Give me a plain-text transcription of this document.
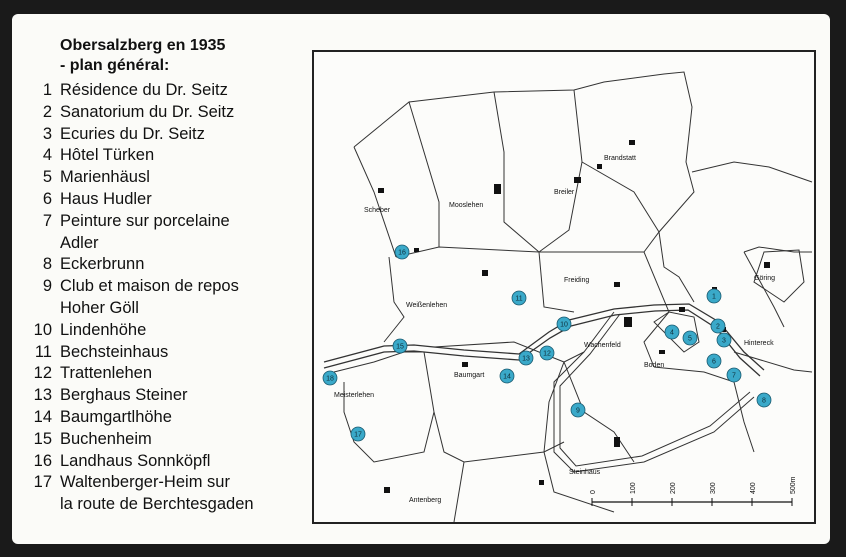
Obersalzberg en 1935
- plan général:
1 Résidence du Dr. Seitz
2 Sanatorium du Dr. Seitz
3 Ecuries du Dr. Seitz
4 Hôtel Türken
5 Marienhäusl
6 Haus Hudler
7 Peinture sur porcelaine
Adler
8 Eckerbrunn
9 Club et maison de repos
Hoher Göll
10 Lindenhöhe
11 Bechsteinhaus
12 Trattenlehen
13 Berghaus Steiner
14 Baumgartlhöhe
15 Buchenheim
16 Landhaus Sonnköpfl
17 Waltenberger-Heim sur
la route de Berchtesgaden
Scheber
Mooslehen
Breiler
Brandstatt
Göring
Freiding
Weißenlehen
Hintereck
Wachenfeld
Boden
Baumgart
Meisterlehen
Steinhaus
Antenberg
1
2
3
4
5
6
7
8
9
10
11
12
13
14
15
16
17
18
0	100	200	300	400	500m
